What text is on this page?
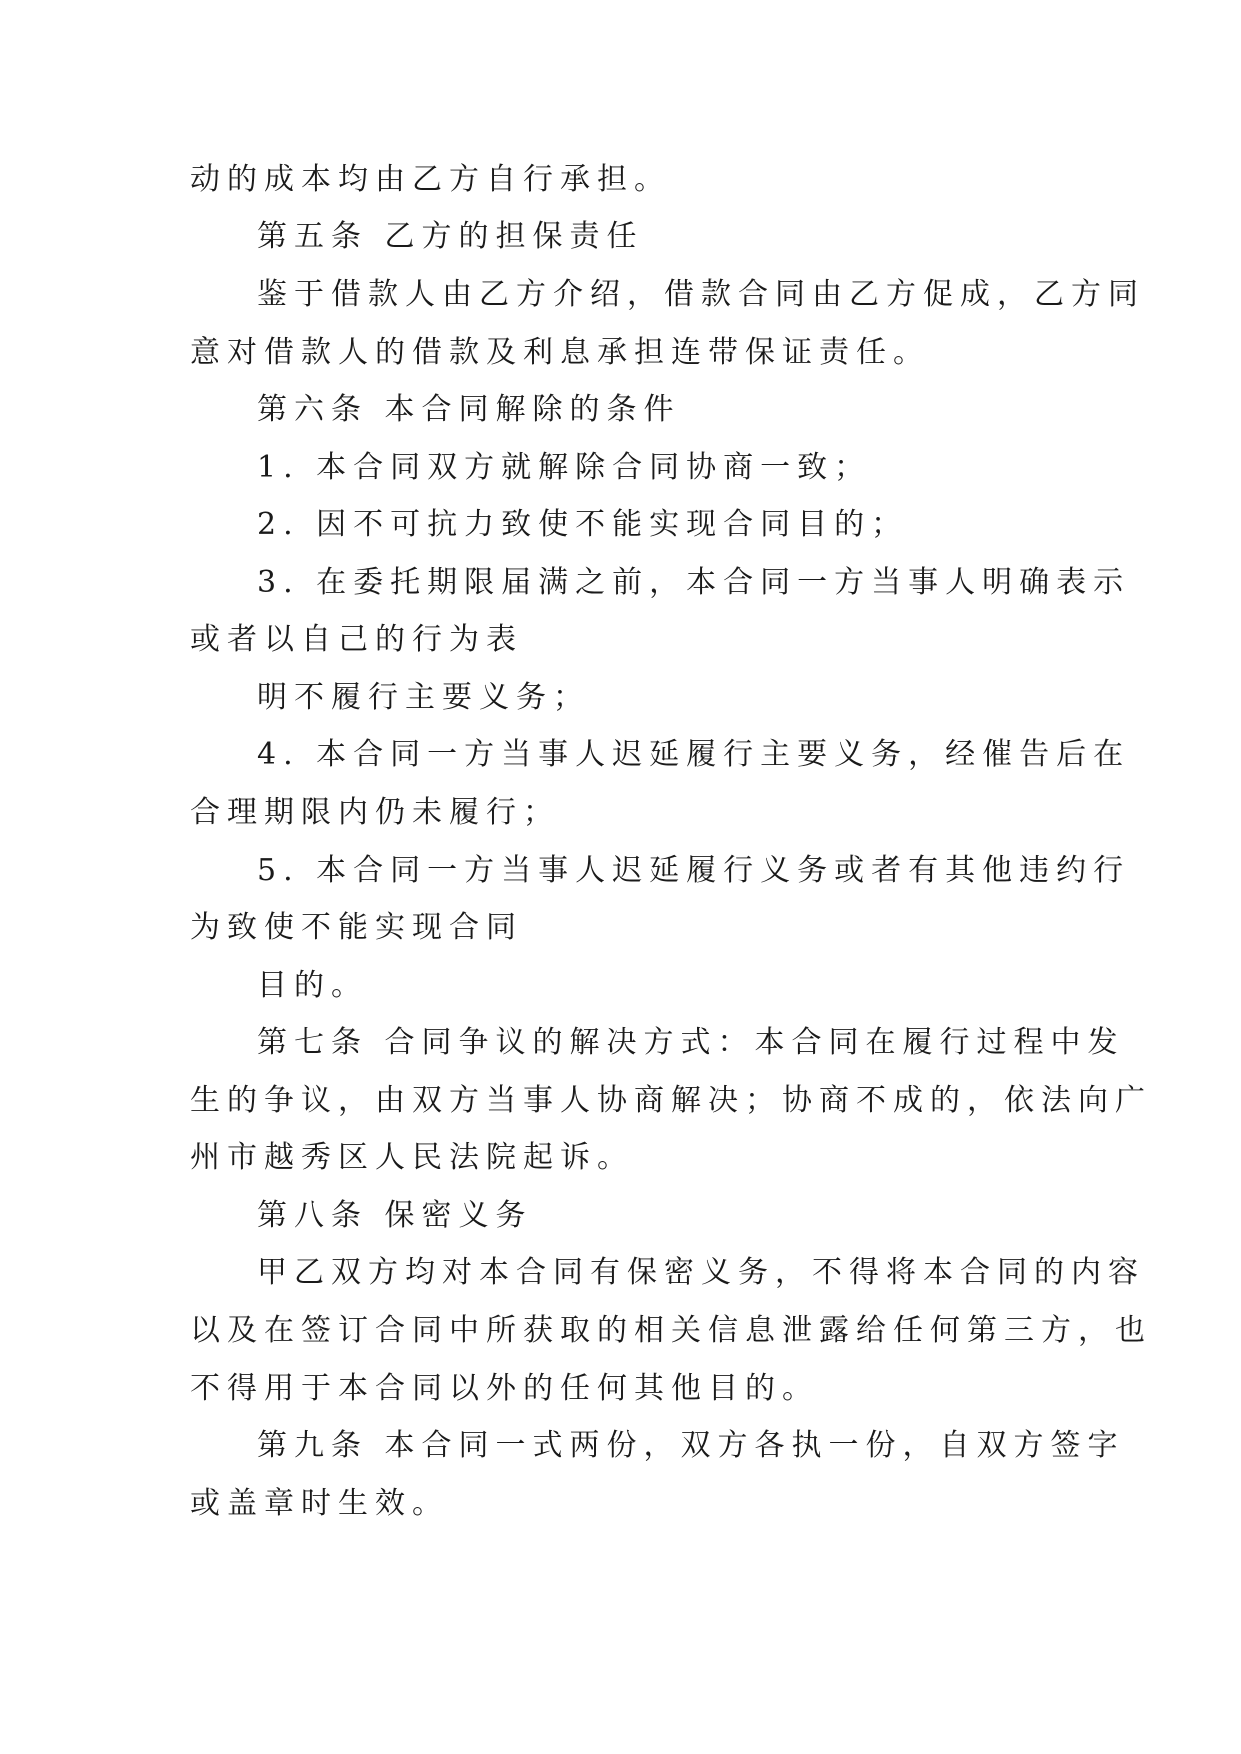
动的成本均由乙方自行承担。
第五条 乙方的担保责任
鉴于借款人由乙方介绍，借款合同由乙方促成，乙方同
意对借款人的借款及利息承担连带保证责任。
第六条 本合同解除的条件
1. 本合同双方就解除合同协商一致；
2. 因不可抗力致使不能实现合同目的；
3. 在委托期限届满之前，本合同一方当事人明确表示
或者以自己的行为表
明不履行主要义务；
4. 本合同一方当事人迟延履行主要义务，经催告后在
合理期限内仍未履行；
5. 本合同一方当事人迟延履行义务或者有其他违约行
为致使不能实现合同
目的。
第七条 合同争议的解决方式：本合同在履行过程中发
生的争议，由双方当事人协商解决；协商不成的，依法向广
州市越秀区人民法院起诉。
第八条 保密义务
甲乙双方均对本合同有保密义务，不得将本合同的内容
以及在签订合同中所获取的相关信息泄露给任何第三方，也
不得用于本合同以外的任何其他目的。
第九条 本合同一式两份，双方各执一份，自双方签字
或盖章时生效。
